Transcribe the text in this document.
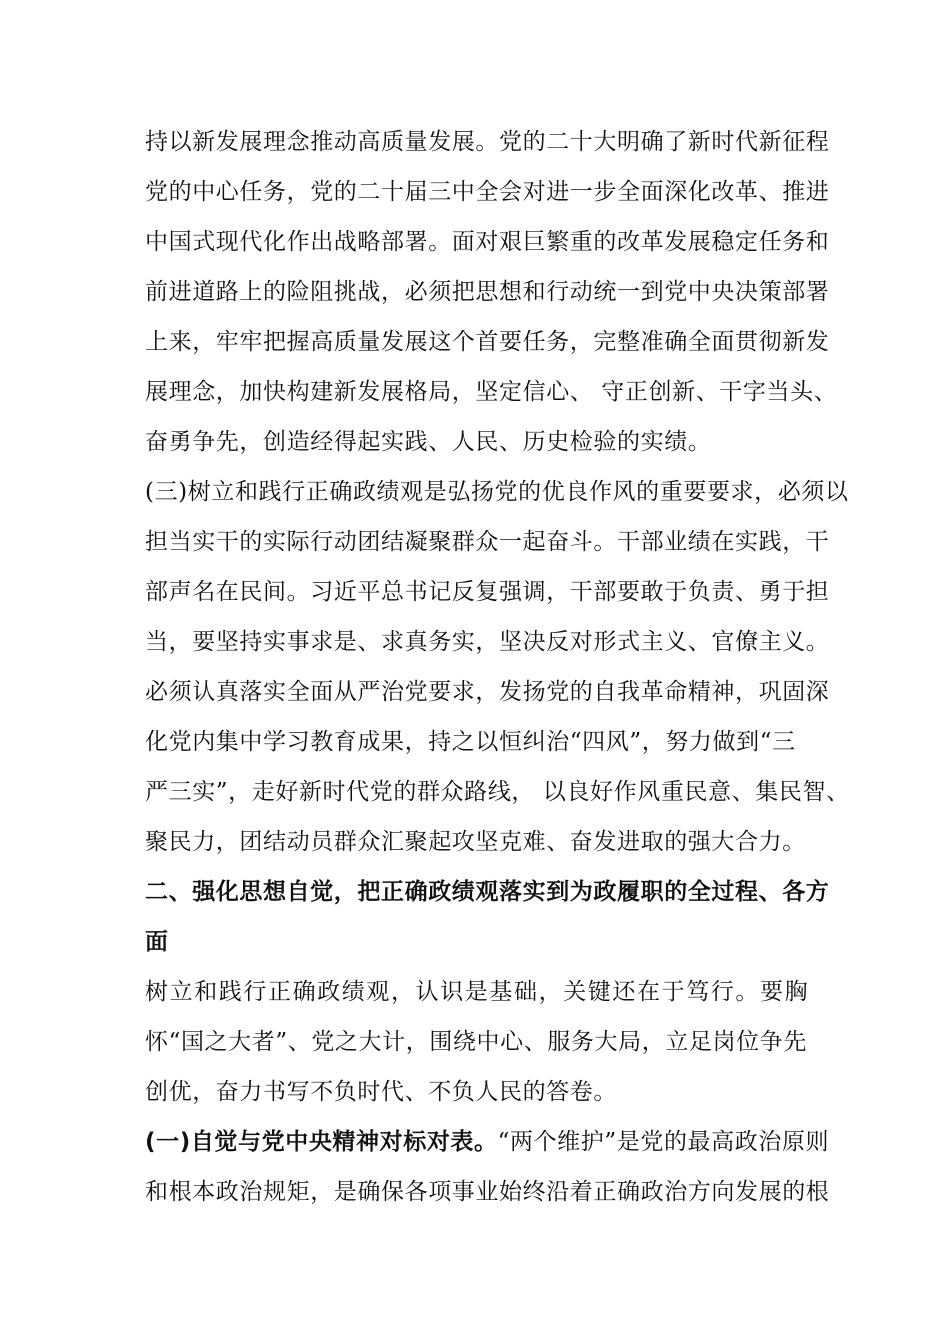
持以新发展理念推动高质量发展。党的二十大明确了新时代新征程
党的中心任务，党的二十届三中全会对进一步全面深化改革、推进
中国式现代化作出战略部署。面对艰巨繁重的改革发展稳定任务和
前进道路上的险阻挑战，必须把思想和行动统一到党中央决策部署
上来，牢牢把握高质量发展这个首要任务，完整准确全面贯彻新发
展理念，加快构建新发展格局，坚定信心、 守正创新、干字当头、
奋勇争先，创造经得起实践、人民、历史检验的实绩。
(三)树立和践行正确政绩观是弘扬党的优良作风的重要要求，必须以
担当实干的实际行动团结凝聚群众一起奋斗。干部业绩在实践，干
部声名在民间。习近平总书记反复强调，干部要敢于负责、勇于担
当，要坚持实事求是、求真务实，坚决反对形式主义、官僚主义。
必须认真落实全面从严治党要求，发扬党的自我革命精神，巩固深
化党内集中学习教育成果，持之以恒纠治“四风”，努力做到“三
严三实”，走好新时代党的群众路线， 以良好作风重民意、集民智、
聚民力，团结动员群众汇聚起攻坚克难、奋发进取的强大合力。
二、强化思想自觉，把正确政绩观落实到为政履职的全过程、各方
面
树立和践行正确政绩观，认识是基础，关键还在于笃行。要胸
怀“国之大者”、党之大计，围绕中心、服务大局，立足岗位争先
创优，奋力书写不负时代、不负人民的答卷。
(一)自觉与党中央精神对标对表。“两个维护”是党的最高政治原则
和根本政治规矩，是确保各项事业始终沿着正确政治方向发展的根
